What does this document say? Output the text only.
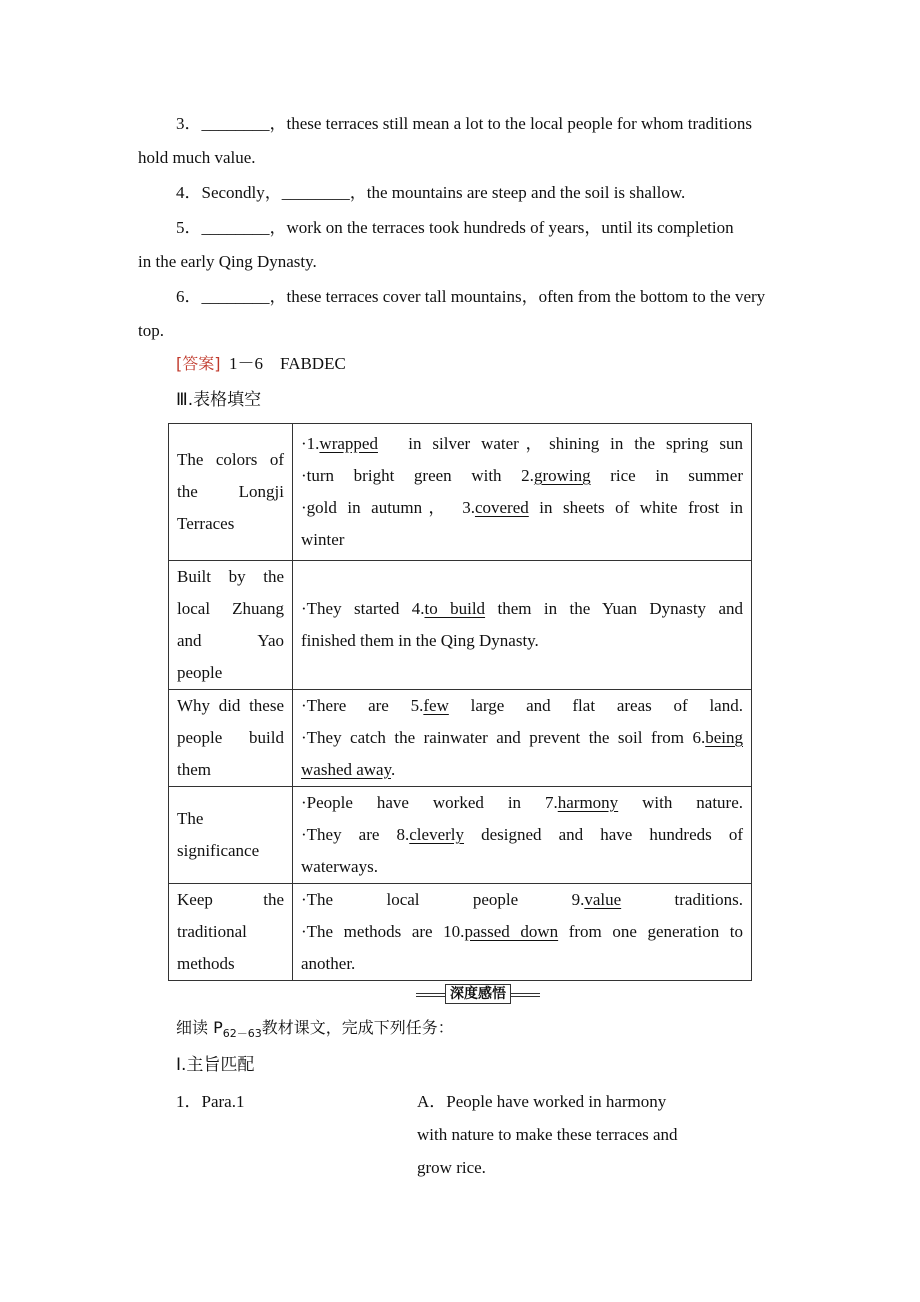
3．________，these terraces still mean a lot to the local people for whom traditions

hold much value.

4．Secondly，________，the mountains are steep and the soil is shallow.

5．________，work on the terraces took hundreds of years，until its completion

in the early Qing Dynasty.

6．________，these terraces cover tall mountains，often from the bottom to the very

top.

[答案] 1－6　FABDEC
Ⅲ.表格填空
The colors of
the Longji
Terraces	·1.wrapped　in silver water，shining in the spring sun
·turn bright green with 2.growing rice in summer
·gold in autumn， 3.covered in sheets of white frost in
winter

Built by the
local Zhuang
and Yao
people	·They started 4.to build them in the Yuan Dynasty and
finished them in the Qing Dynasty.

Why did these
people build
them	·There are 5.few large and flat areas of land.
·They catch the rainwater and prevent the soil from 6.being
washed away.

The
significance	·People have worked in 7.harmony with nature.
·They are 8.cleverly designed and have hundreds of
waterways.

Keep the
traditional
methods	·The local people 9.value traditions.
·The methods are 10.passed down from one generation to
another.
深度感悟
细读 $P_{62-63}$教材课文，完成下列任务：
Ⅰ.主旨匹配
1．Para.1	A．People have worked in harmony
with nature to make these terraces and
grow rice.
